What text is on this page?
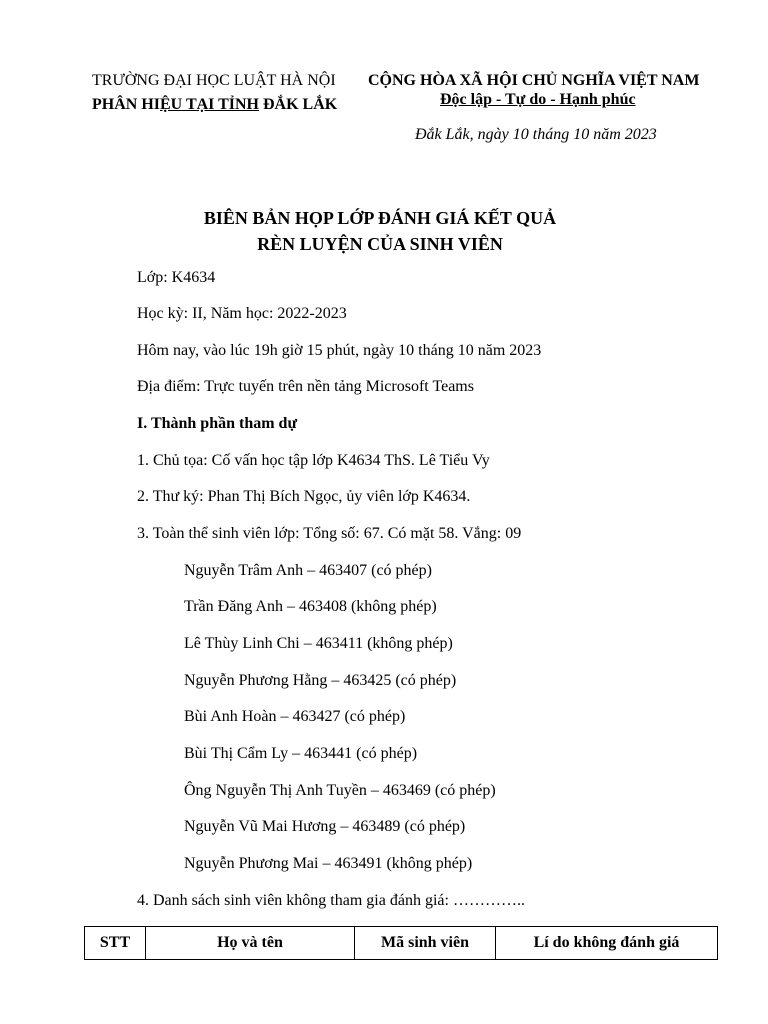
TRƯỜNG ĐẠI HỌC LUẬT HÀ NỘI
PHÂN HIỆU TẠI TỈNH ĐẮK LẮK
CỘNG HÒA XÃ HỘI CHỦ NGHĨA VIỆT NAM
Độc lập - Tự do - Hạnh phúc
Đắk Lắk, ngày 10 tháng 10 năm 2023
BIÊN BẢN HỌP LỚP ĐÁNH GIÁ KẾT QUẢ
RÈN LUYỆN CỦA SINH VIÊN
Lớp: K4634
Học kỳ: II, Năm học: 2022-2023
Hôm nay, vào lúc 19h giờ 15 phút, ngày 10 tháng 10 năm 2023
Địa điểm: Trực tuyến trên nền tảng Microsoft Teams
I. Thành phần tham dự
1. Chủ tọa: Cố vấn học tập lớp K4634 ThS. Lê Tiểu Vy
2. Thư ký: Phan Thị Bích Ngọc, ủy viên lớp K4634.
3. Toàn thể sinh viên lớp: Tổng số: 67. Có mặt 58. Vắng: 09
Nguyễn Trâm Anh – 463407 (có phép)
Trần Đăng Anh – 463408 (không phép)
Lê Thùy Linh Chi – 463411 (không phép)
Nguyễn Phương Hằng – 463425 (có phép)
Bùi Anh Hoàn – 463427 (có phép)
Bùi Thị Cẩm Ly – 463441 (có phép)
Ông Nguyễn Thị Anh Tuyền – 463469 (có phép)
Nguyễn Vũ Mai Hương – 463489 (có phép)
Nguyễn Phương Mai – 463491 (không phép)
4. Danh sách sinh viên không tham gia đánh giá: …………..
STT	Họ và tên	Mã sinh viên	Lí do không đánh giá
